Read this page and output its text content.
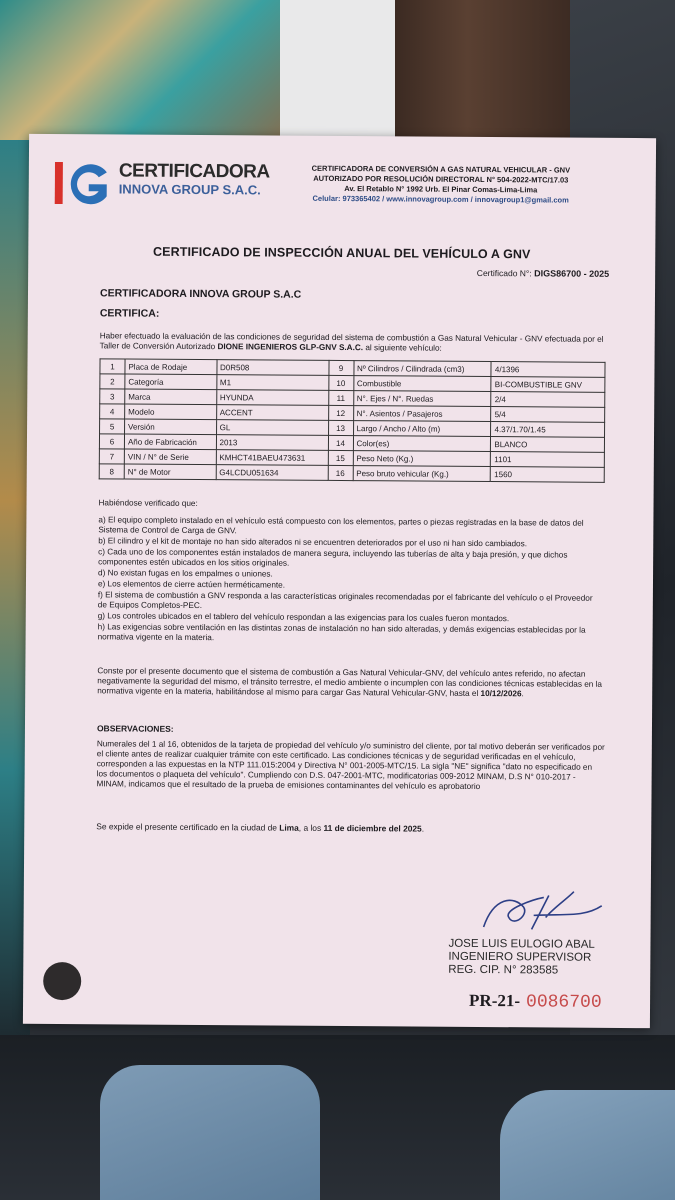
CERTIFICADORA
INNOVA GROUP S.A.C.
CERTIFICADORA DE CONVERSIÓN A GAS NATURAL VEHICULAR - GNV
AUTORIZADO POR RESOLUCIÓN DIRECTORAL N° 504-2022-MTC/17.03
Av. El Retablo N° 1992 Urb. El Pinar Comas-Lima-Lima
Celular: 973365402 / www.innovagroup.com / innovagroup1@gmail.com
CERTIFICADO DE INSPECCIÓN ANUAL DEL VEHÍCULO A GNV
Certificado N°: DIGS86700 - 2025
CERTIFICADORA INNOVA GROUP S.A.C
CERTIFICA:
Haber efectuado la evaluación de las condiciones de seguridad del sistema de combustión a Gas Natural Vehicular - GNV efectuada por el Taller de Conversión Autorizado DIONE INGENIEROS GLP-GNV S.A.C. al siguiente vehículo:
1	Placa de Rodaje	D0R508	9	Nº Cilindros / Cilindrada (cm3)	4/1396
2	Categoría	M1	10	Combustible	BI-COMBUSTIBLE GNV
3	Marca	HYUNDA	11	N°. Ejes / N°. Ruedas	2/4
4	Modelo	ACCENT	12	N°. Asientos / Pasajeros	5/4
5	Versión	GL	13	Largo / Ancho / Alto (m)	4.37/1.70/1.45
6	Año de Fabricación	2013	14	Color(es)	BLANCO
7	VIN / N° de Serie	KMHCT41BAEU473631	15	Peso Neto (Kg.)	1101
8	N° de Motor	G4LCDU051634	16	Peso bruto vehicular (Kg.)	1560
Habiéndose verificado que:

a) El equipo completo instalado en el vehículo está compuesto con los elementos, partes o piezas registradas en la base de datos del Sistema de Control de Carga de GNV.

b) El cilindro y el kit de montaje no han sido alterados ni se encuentren deteriorados por el uso ni han sido cambiados.

c) Cada uno de los componentes están instalados de manera segura, incluyendo las tuberías de alta y baja presión, y que dichos componentes estén ubicados en los sitios originales.

d) No existan fugas en los empalmes o uniones.

e) Los elementos de cierre actúen herméticamente.

f) El sistema de combustión a GNV responda a las características originales recomendadas por el fabricante del vehículo o el Proveedor de Equipos Completos-PEC.

g) Los controles ubicados en el tablero del vehículo respondan a las exigencias para los cuales fueron montados.

h) Las exigencias sobre ventilación en las distintas zonas de instalación no han sido alteradas, y demás exigencias establecidas por la normativa vigente en la materia.

Conste por el presente documento que el sistema de combustión a Gas Natural Vehicular-GNV, del vehículo antes referido, no afectan negativamente la seguridad del mismo, el tránsito terrestre, el medio ambiente o incumplen con las condiciones técnicas establecidas en la normativa vigente en la materia, habilitándose al mismo para cargar Gas Natural Vehicular-GNV, hasta el 10/12/2026.
OBSERVACIONES:
Numerales del 1 al 16, obtenidos de la tarjeta de propiedad del vehículo y/o suministro del cliente, por tal motivo deberán ser verificados por el cliente antes de realizar cualquier trámite con este certificado. Las condiciones técnicas y de seguridad verificadas en el vehículo, corresponden a las expuestas en la NTP 111.015:2004 y Directiva N° 001-2005-MTC/15. La sigla "NE" significa "dato no especificado en los documentos o plaqueta del vehículo". Cumpliendo con D.S. 047-2001-MTC, modificatorias 009-2012 MINAM, D.S N° 010-2017 - MINAM, indicamos que el resultado de la prueba de emisiones contaminantes del vehículo es aprobatorio
Se expide el presente certificado en la ciudad de Lima, a los 11 de diciembre del 2025.
JOSE LUIS EULOGIO ABAL
INGENIERO SUPERVISOR
REG. CIP. N° 283585
PR-21- 0086700
